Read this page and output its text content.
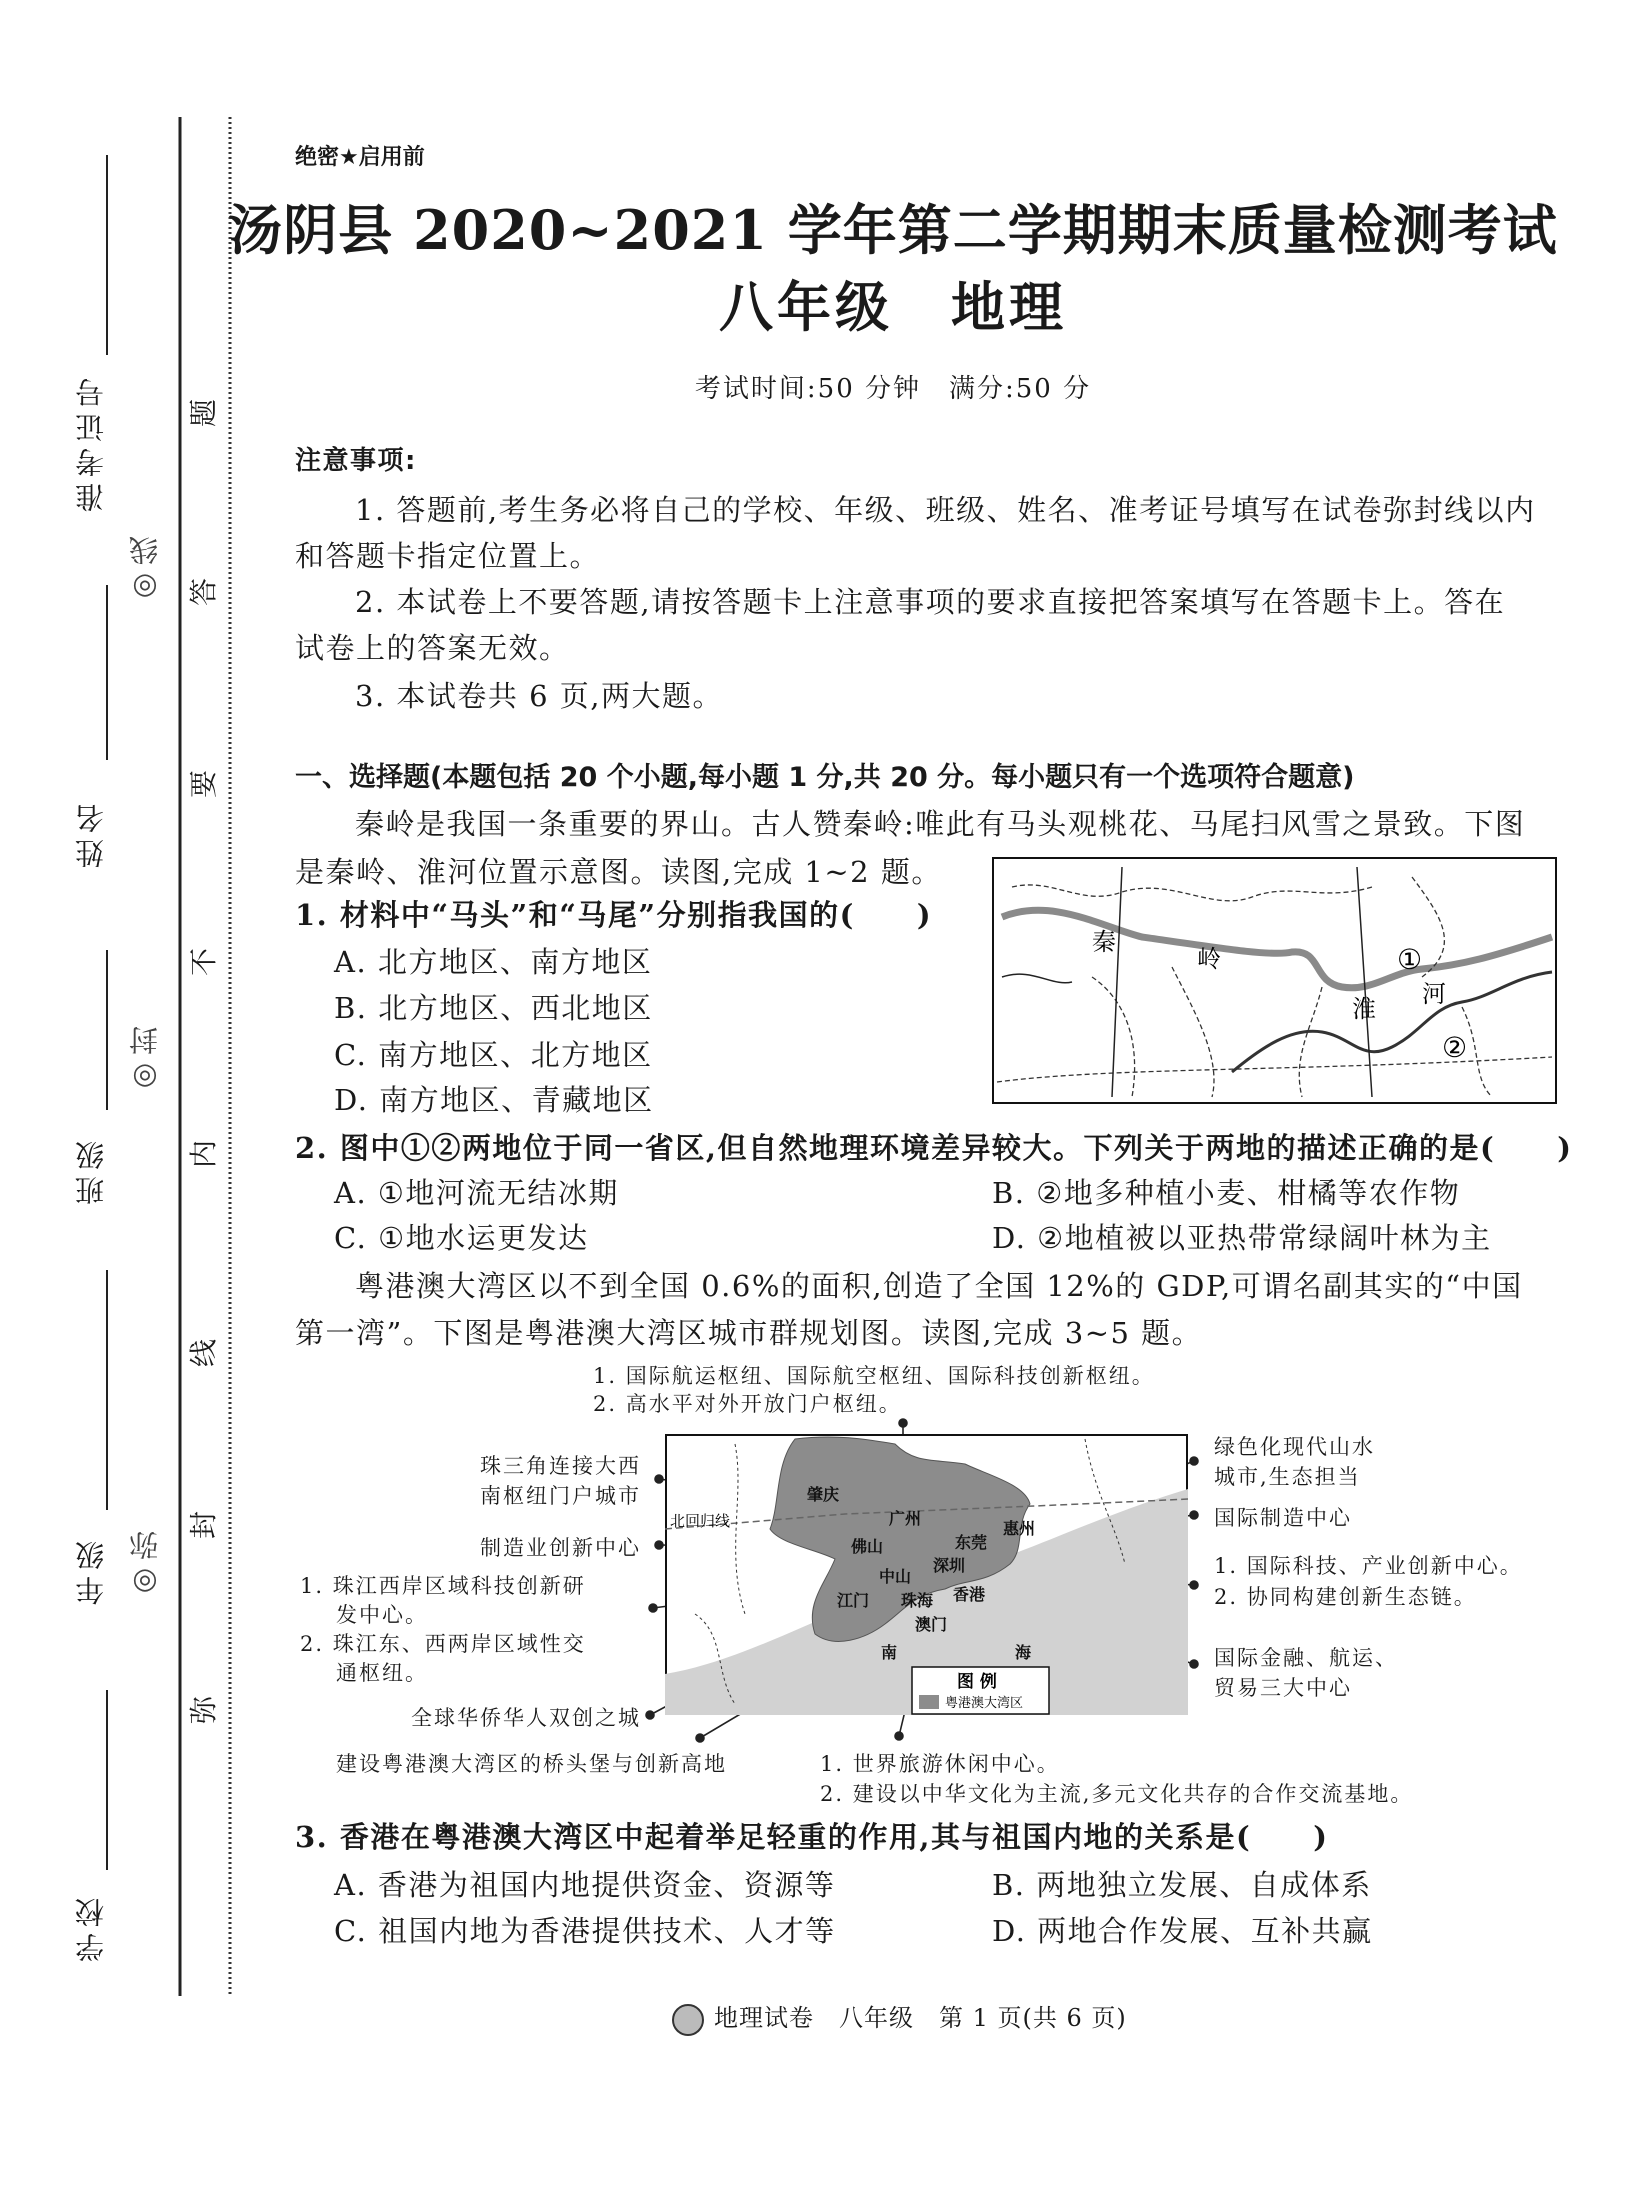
准考证号
姓名
班级
年级
学校
◎线
◎封
◎弥
题
答
要
不
内
线
封
弥
绝密★启用前
汤阴县 2020~2021 学年第二学期期末质量检测考试
八年级　地理
考试时间:50 分钟　满分:50 分
注意事项:
1. 答题前,考生务必将自己的学校、年级、班级、姓名、准考证号填写在试卷弥封线以内
和答题卡指定位置上。
2. 本试卷上不要答题,请按答题卡上注意事项的要求直接把答案填写在答题卡上。答在
试卷上的答案无效。
3. 本试卷共 6 页,两大题。
一、选择题(本题包括 20 个小题,每小题 1 分,共 20 分。每小题只有一个选项符合题意)
秦岭是我国一条重要的界山。古人赞秦岭:唯此有马头观桃花、马尾扫风雪之景致。下图
是秦岭、淮河位置示意图。读图,完成 1~2 题。
秦
岭
淮
河
①
②
1. 材料中“马头”和“马尾”分别指我国的( )
A. 北方地区、南方地区
B. 北方地区、西北地区
C. 南方地区、北方地区
D. 南方地区、青藏地区
2. 图中①②两地位于同一省区,但自然地理环境差异较大。下列关于两地的描述正确的是( )
A. ①地河流无结冰期	B. ②地多种植小麦、柑橘等农作物
C. ①地水运更发达	D. ②地植被以亚热带常绿阔叶林为主
粤港澳大湾区以不到全国 0.6%的面积,创造了全国 12%的 GDP,可谓名副其实的“中国
第一湾”。下图是粤港澳大湾区城市群规划图。读图,完成 3~5 题。
1. 国际航运枢纽、国际航空枢纽、国际科技创新枢纽。
2. 高水平对外开放门户枢纽。
珠三角连接大西
南枢纽门户城市
制造业创新中心
1. 珠江西岸区域科技创新研
发中心。
2. 珠江东、西两岸区域性交
通枢纽。
全球华侨华人双创之城
建设粤港澳大湾区的桥头堡与创新高地	1. 世界旅游休闲中心。
2. 建设以中华文化为主流,多元文化共存的合作交流基地。
绿色化现代山水
城市,生态担当
国际制造中心
1. 国际科技、产业创新中心。
2. 协同构建创新生态链。
国际金融、航运、
贸易三大中心
北回归线
肇庆
广州
惠州
佛山	东莞
深圳
中山
江门 珠海 香港
澳门
南	海
图 例
粤港澳大湾区
3. 香港在粤港澳大湾区中起着举足轻重的作用,其与祖国内地的关系是( )
A. 香港为祖国内地提供资金、资源等	B. 两地独立发展、自成体系
C. 祖国内地为香港提供技术、人才等	D. 两地合作发展、互补共赢
地理试卷　八年级　第 1 页(共 6 页)
